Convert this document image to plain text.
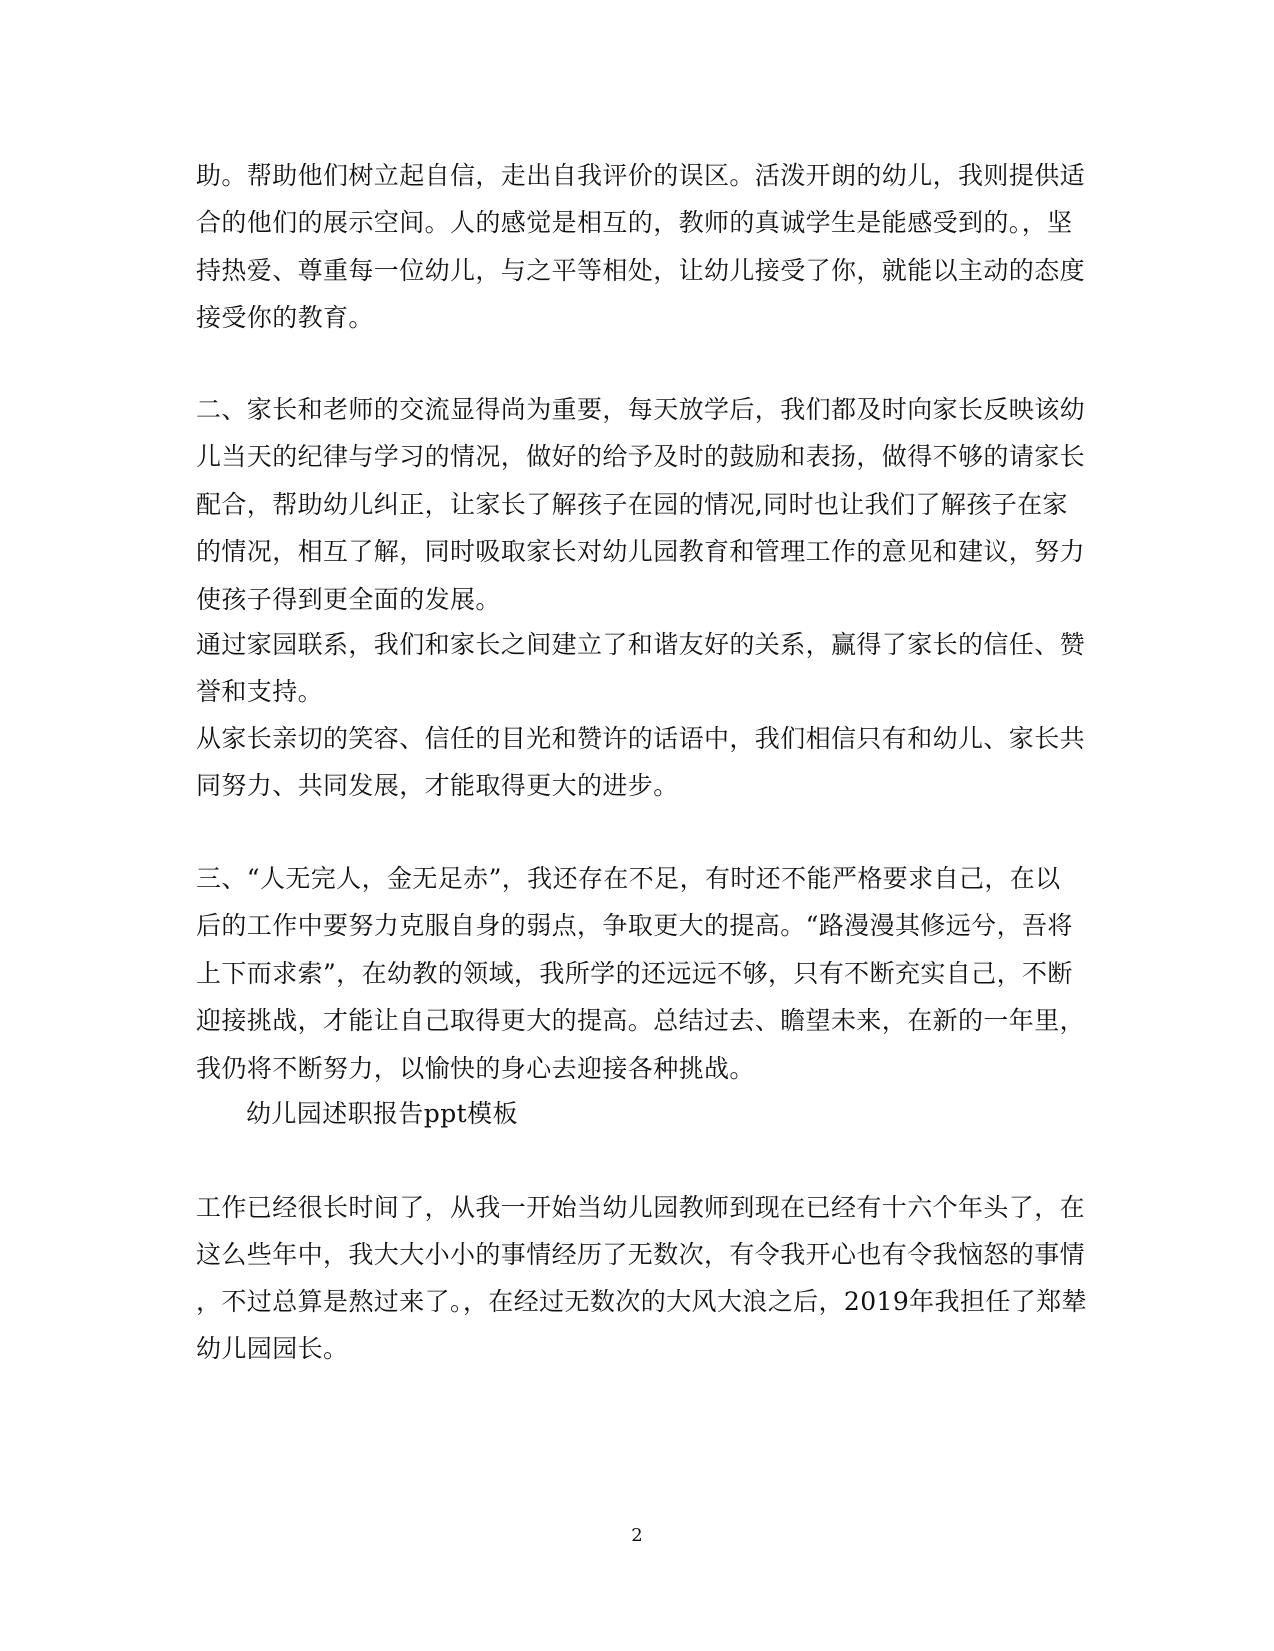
助。帮助他们树立起自信，走出自我评价的误区。活泼开朗的幼儿，我则提供适
合的他们的展示空间。人的感觉是相互的，教师的真诚学生是能感受到的。，坚
持热爱、尊重每一位幼儿，与之平等相处，让幼儿接受了你，就能以主动的态度
接受你的教育。
二、家长和老师的交流显得尚为重要，每天放学后，我们都及时向家长反映该幼
儿当天的纪律与学习的情况，做好的给予及时的鼓励和表扬，做得不够的请家长
配合，帮助幼儿纠正，让家长了解孩子在园的情况,同时也让我们了解孩子在家
的情况，相互了解，同时吸取家长对幼儿园教育和管理工作的意见和建议，努力
使孩子得到更全面的发展。
通过家园联系，我们和家长之间建立了和谐友好的关系，赢得了家长的信任、赞
誉和支持。
从家长亲切的笑容、信任的目光和赞许的话语中，我们相信只有和幼儿、家长共
同努力、共同发展，才能取得更大的进步。
三、“人无完人，金无足赤”，我还存在不足，有时还不能严格要求自己，在以
后的工作中要努力克服自身的弱点，争取更大的提高。“路漫漫其修远兮，吾将
上下而求索”，在幼教的领域，我所学的还远远不够，只有不断充实自己，不断
迎接挑战，才能让自己取得更大的提高。总结过去、瞻望未来，在新的一年里，
我仍将不断努力，以愉快的身心去迎接各种挑战。
幼儿园述职报告ppt模板
工作已经很长时间了，从我一开始当幼儿园教师到现在已经有十六个年头了，在
这么些年中，我大大小小的事情经历了无数次，有令我开心也有令我恼怒的事情
，不过总算是熬过来了。，在经过无数次的大风大浪之后，2019年我担任了郑辇
幼儿园园长。
2
